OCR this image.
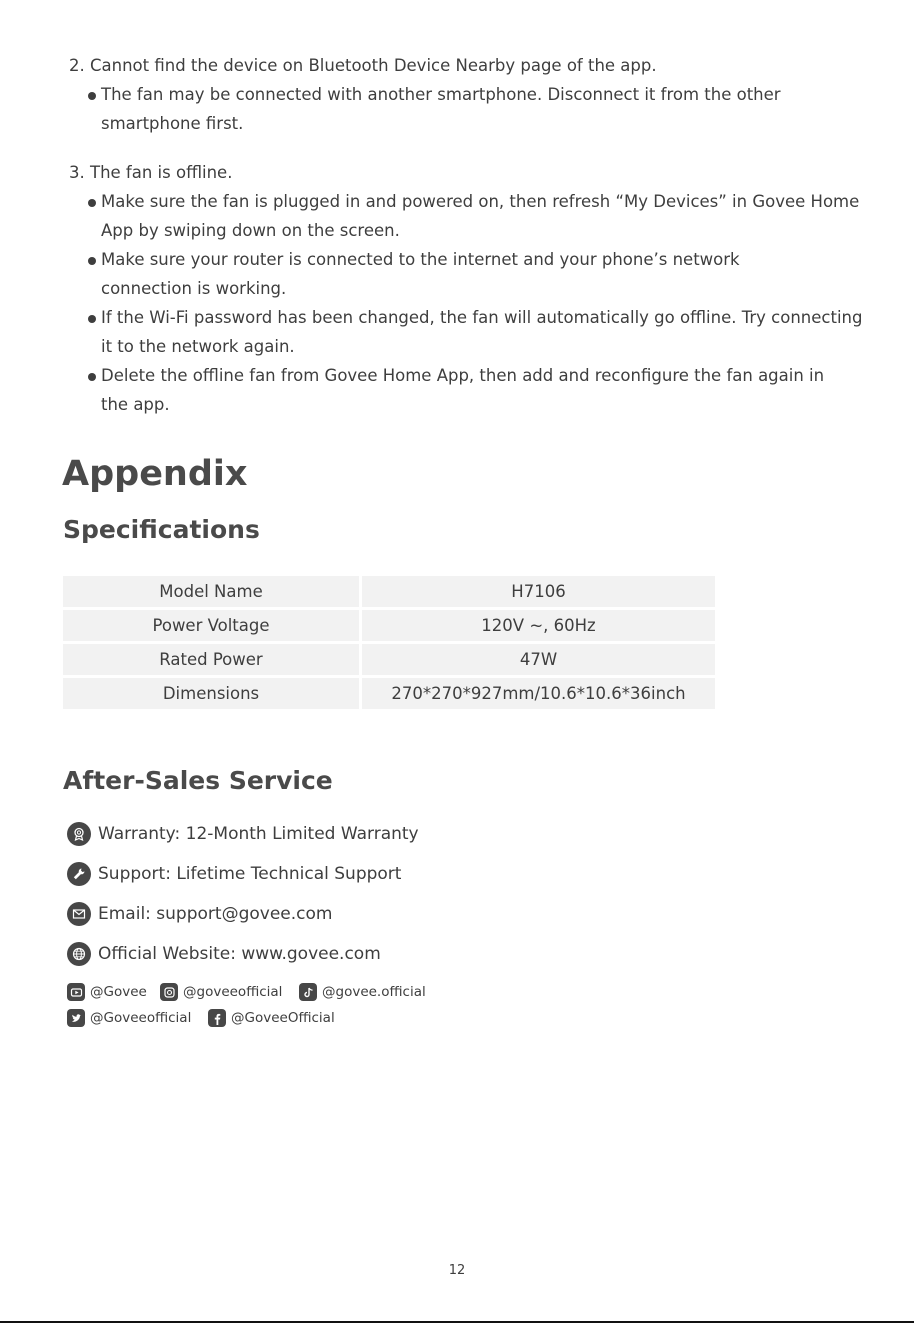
2. Cannot find the device on Bluetooth Device Nearby page of the app.
The fan may be connected with another smartphone. Disconnect it from the other
smartphone first.
3. The fan is offline.
Make sure the fan is plugged in and powered on, then refresh “My Devices” in Govee Home
App by swiping down on the screen.
Make sure your router is connected to the internet and your phone’s network
connection is working.
If the Wi-Fi password has been changed, the fan will automatically go offline. Try connecting
it to the network again.
Delete the offline fan from Govee Home App, then add and reconfigure the fan again in
the app.
Appendix
Specifications
Model Name	H7106
Power Voltage	120V ~, 60Hz
Rated Power	47W
Dimensions	270*270*927mm/10.6*10.6*36inch
After-Sales Service
Warranty: 12-Month Limited Warranty
Support: Lifetime Technical Support
Email: support@govee.com
Official Website: www.govee.com
@Govee	@goveeofficial	@govee.official
@Goveeofficial	@GoveeOfficial
12
